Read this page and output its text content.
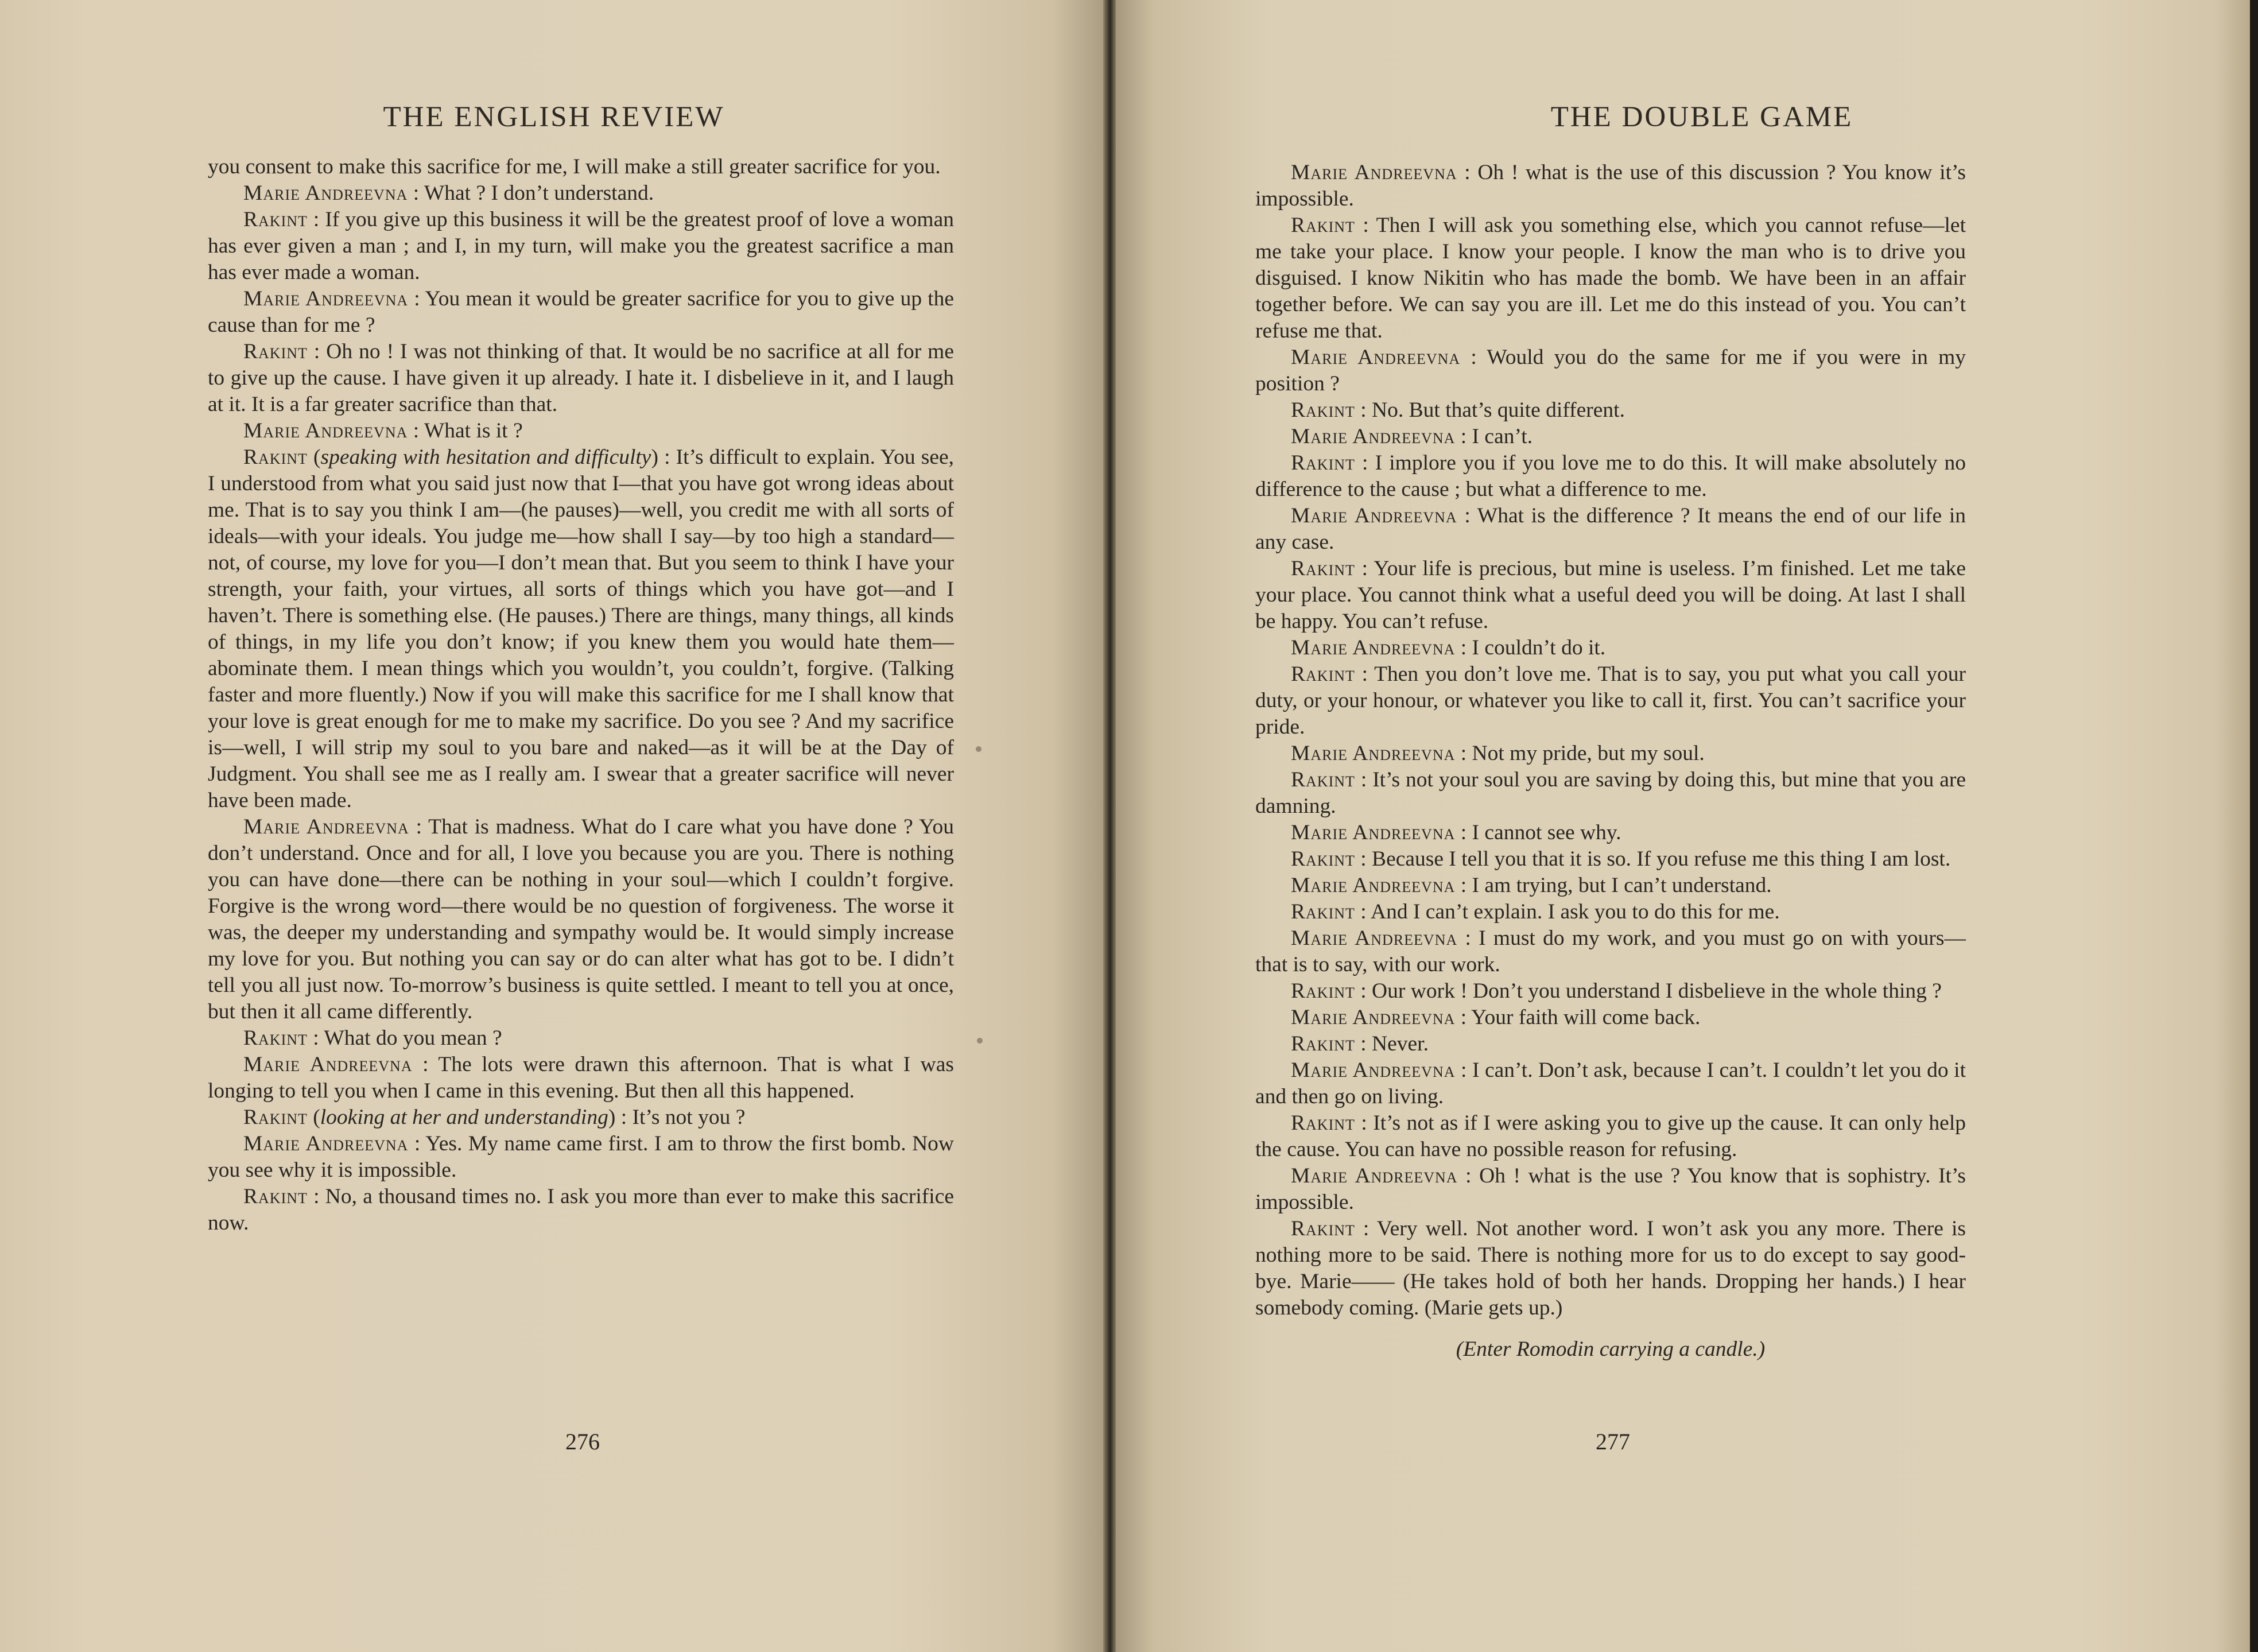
THE ENGLISH REVIEW

you consent to make this sacrifice for me, I will make a still greater sacrifice for you.

Marie Andreevna : What ? I don’t understand.

Rakint : If you give up this business it will be the greatest proof of love a woman has ever given a man ; and I, in my turn, will make you the greatest sacrifice a man has ever made a woman.

Marie Andreevna : You mean it would be greater sacrifice for you to give up the cause than for me ?

Rakint : Oh no ! I was not thinking of that. It would be no sacrifice at all for me to give up the cause. I have given it up already. I hate it. I disbelieve in it, and I laugh at it. It is a far greater sacrifice than that.

Marie Andreevna : What is it ?

Rakint (speaking with hesitation and difficulty) : It’s difficult to explain. You see, I understood from what you said just now that I—that you have got wrong ideas about me. That is to say you think I am—(he pauses)—well, you credit me with all sorts of ideals—with your ideals. You judge me—how shall I say—by too high a standard—not, of course, my love for you—I don’t mean that. But you seem to think I have your strength, your faith, your virtues, all sorts of things which you have got—and I haven’t. There is something else. (He pauses.) There are things, many things, all kinds of things, in my life you don’t know; if you knew them you would hate them—abominate them. I mean things which you wouldn’t, you couldn’t, forgive. (Talking faster and more fluently.) Now if you will make this sacrifice for me I shall know that your love is great enough for me to make my sacrifice. Do you see ? And my sacrifice is—well, I will strip my soul to you bare and naked—as it will be at the Day of Judgment. You shall see me as I really am. I swear that a greater sacrifice will never have been made.

Marie Andreevna : That is madness. What do I care what you have done ? You don’t understand. Once and for all, I love you because you are you. There is nothing you can have done—there can be nothing in your soul—which I couldn’t forgive. Forgive is the wrong word—there would be no question of forgiveness. The worse it was, the deeper my understanding and sympathy would be. It would simply increase my love for you. But nothing you can say or do can alter what has got to be. I didn’t tell you all just now. To-morrow’s business is quite settled. I meant to tell you at once, but then it all came differently.

Rakint : What do you mean ?

Marie Andreevna : The lots were drawn this afternoon. That is what I was longing to tell you when I came in this evening. But then all this happened.

Rakint (looking at her and understanding) : It’s not you ?

Marie Andreevna : Yes. My name came first. I am to throw the first bomb. Now you see why it is impossible.

Rakint : No, a thousand times no. I ask you more than ever to make this sacrifice now.

276
THE DOUBLE GAME

Marie Andreevna : Oh ! what is the use of this discussion ? You know it’s impossible.

Rakint : Then I will ask you something else, which you cannot refuse—let me take your place. I know your people. I know the man who is to drive you disguised. I know Nikitin who has made the bomb. We have been in an affair together before. We can say you are ill. Let me do this instead of you. You can’t refuse me that.

Marie Andreevna : Would you do the same for me if you were in my position ?

Rakint : No. But that’s quite different.

Marie Andreevna : I can’t.

Rakint : I implore you if you love me to do this. It will make absolutely no difference to the cause ; but what a difference to me.

Marie Andreevna : What is the difference ? It means the end of our life in any case.

Rakint : Your life is precious, but mine is useless. I’m finished. Let me take your place. You cannot think what a useful deed you will be doing. At last I shall be happy. You can’t refuse.

Marie Andreevna : I couldn’t do it.

Rakint : Then you don’t love me. That is to say, you put what you call your duty, or your honour, or whatever you like to call it, first. You can’t sacrifice your pride.

Marie Andreevna : Not my pride, but my soul.

Rakint : It’s not your soul you are saving by doing this, but mine that you are damning.

Marie Andreevna : I cannot see why.

Rakint : Because I tell you that it is so. If you refuse me this thing I am lost.

Marie Andreevna : I am trying, but I can’t understand.

Rakint : And I can’t explain. I ask you to do this for me.

Marie Andreevna : I must do my work, and you must go on with yours—that is to say, with our work.

Rakint : Our work ! Don’t you understand I disbelieve in the whole thing ?

Marie Andreevna : Your faith will come back.

Rakint : Never.

Marie Andreevna : I can’t. Don’t ask, because I can’t. I couldn’t let you do it and then go on living.

Rakint : It’s not as if I were asking you to give up the cause. It can only help the cause. You can have no possible reason for refusing.

Marie Andreevna : Oh ! what is the use ? You know that is sophistry. It’s impossible.

Rakint : Very well. Not another word. I won’t ask you any more. There is nothing more to be said. There is nothing more for us to do except to say good-bye. Marie—— (He takes hold of both her hands. Dropping her hands.) I hear somebody coming. (Marie gets up.)

(Enter Romodin carrying a candle.)

277
